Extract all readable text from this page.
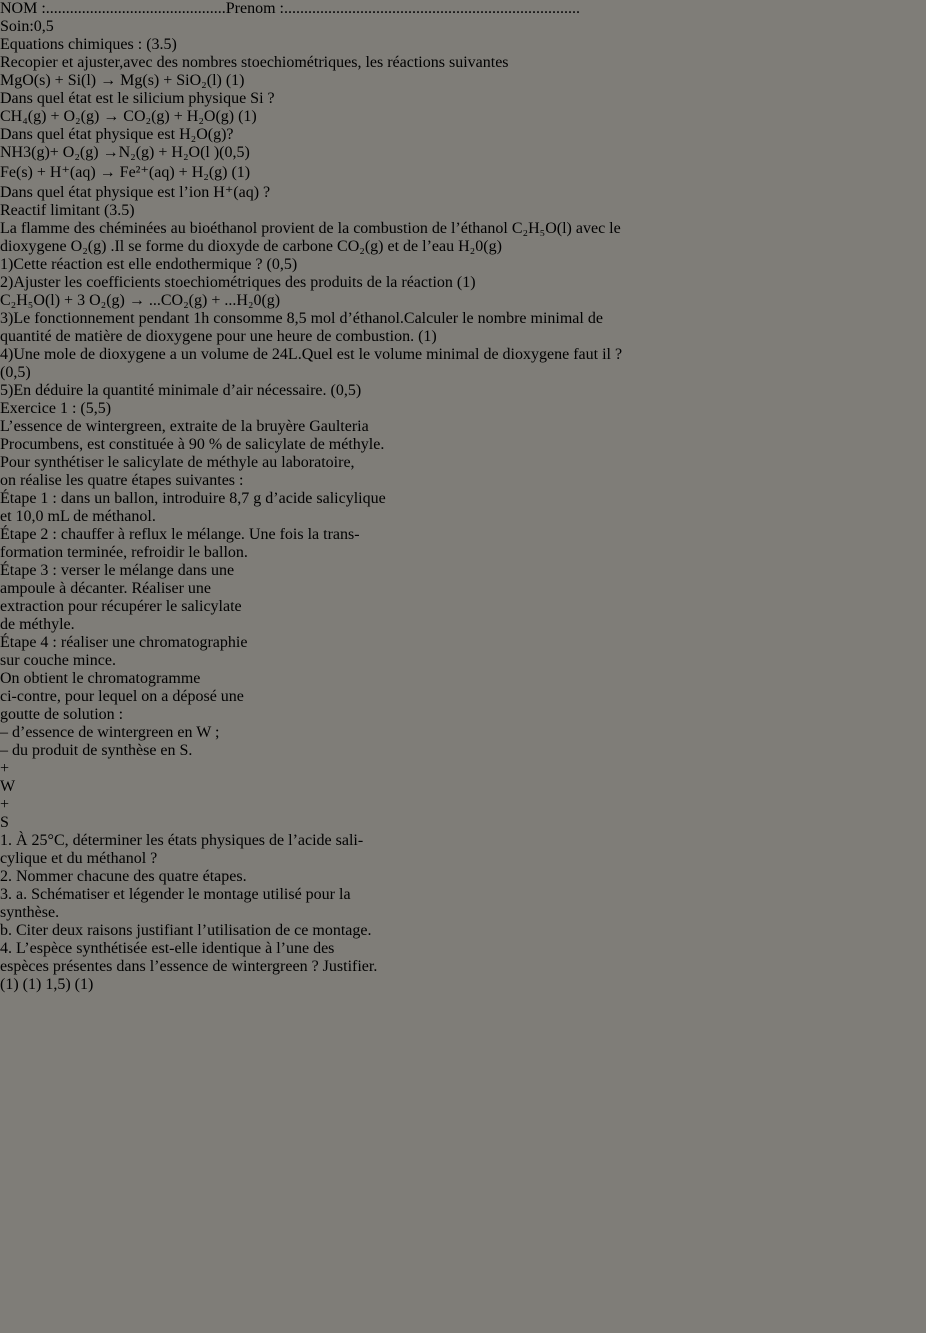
NOM :.............................................Prenom :..........................................................................
Soin:0,5
Equations chimiques : (3.5)
Recopier et ajuster,avec des nombres stoechiométriques, les réactions suivantes
MgO(s) + Si(l) → Mg(s) + SiO₂(l) (1)
Dans quel état est le silicium physique Si ?
CH₄(g) + O₂(g) → CO₂(g) + H₂O(g) (1)
Dans quel état physique est H₂O(g)?
NH3(g)+ O₂(g) →N₂(g) + H₂O(l )(0,5)
Fe(s) + H⁺(aq) → Fe²⁺(aq) + H₂(g) (1)
Dans quel état physique est l’ion H⁺(aq) ?
Reactif limitant (3.5)
La flamme des chéminées au bioéthanol provient de la combustion de l’éthanol C₂H₅O(l) avec le
dioxygene O₂(g) .Il se forme du dioxyde de carbone CO₂(g) et de l’eau H₂0(g)
1)Cette réaction est elle endothermique ? (0,5)
2)Ajuster les coefficients stoechiométriques des produits de la réaction (1)
C₂H₅O(l) + 3 O₂(g) → ...CO₂(g) + ...H₂0(g)
3)Le fonctionnement pendant 1h consomme 8,5 mol d’éthanol.Calculer le nombre minimal de
quantité de matière de dioxygene pour une heure de combustion. (1)
4)Une mole de dioxygene a un volume de 24L.Quel est le volume minimal de dioxygene faut il ?
(0,5)
5)En déduire la quantité minimale d’air nécessaire. (0,5)
Exercice 1 : (5,5)
L’essence de wintergreen, extraite de la bruyère Gaulteria
Procumbens, est constituée à 90 % de salicylate de méthyle.
Pour synthétiser le salicylate de méthyle au laboratoire,
on réalise les quatre étapes suivantes :
Étape 1 : dans un ballon, introduire 8,7 g d’acide salicylique
et 10,0 mL de méthanol.
Étape 2 : chauffer à reflux le mélange. Une fois la trans-
formation terminée, refroidir le ballon.
Étape 3 : verser le mélange dans une
ampoule à décanter. Réaliser une
extraction pour récupérer le salicylate
de méthyle.
Étape 4 : réaliser une chromatographie
sur couche mince.
On obtient le chromatogramme
ci-contre, pour lequel on a déposé une
goutte de solution :
– d’essence de wintergreen en W ;
– du produit de synthèse en S.
+
W
+
S
1. À 25°C, déterminer les états physiques de l’acide sali-
cylique et du méthanol ?
2. Nommer chacune des quatre étapes.
3. a. Schématiser et légender le montage utilisé pour la
synthèse.
b. Citer deux raisons justifiant l’utilisation de ce montage.
4. L’espèce synthétisée est-elle identique à l’une des
espèces présentes dans l’essence de wintergreen ? Justifier.
(1) (1) 1,5) (1)
